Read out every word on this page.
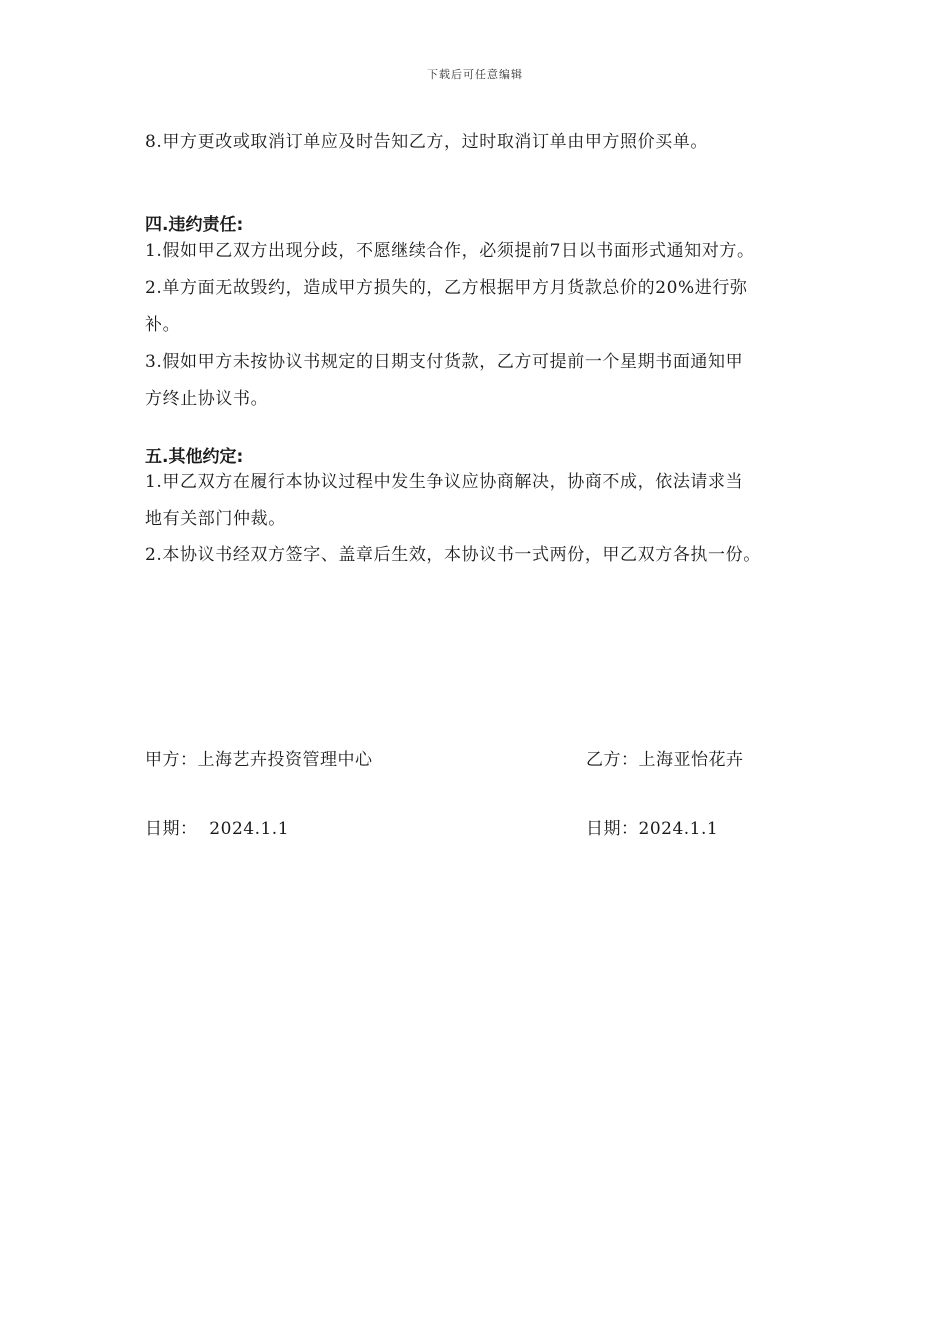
下载后可任意编辑
8.甲方更改或取消订单应及时告知乙方，过时取消订单由甲方照价买单。
四.违约责任:
1.假如甲乙双方出现分歧，不愿继续合作，必须提前7日以书面形式通知对方。
2.单方面无故毁约，造成甲方损失的，乙方根据甲方月货款总价的20%进行弥
补。
3.假如甲方未按协议书规定的日期支付货款，乙方可提前一个星期书面通知甲
方终止协议书。
五.其他约定:
1.甲乙双方在履行本协议过程中发生争议应协商解决，协商不成，依法请求当
地有关部门仲裁。
2.本协议书经双方签字、盖章后生效，本协议书一式两份，甲乙双方各执一份。
甲方：上海艺卉投资管理中心	乙方：上海亚怡花卉
日期：  2024.1.1	日期：2024.1.1
